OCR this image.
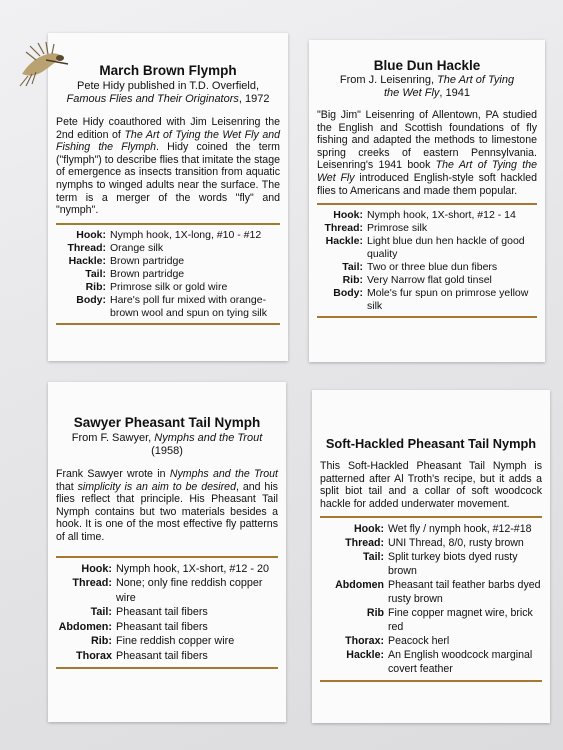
March Brown Flymph
Pete Hidy published in T.D. Overfield,
Famous Flies and Their Originators, 1972
Pete Hidy coauthored with Jim Leisenring the 2nd edition of The Art of Tying the Wet Fly and Fishing the Flymph. Hidy coined the term ("flymph") to describe flies that imitate the stage of emergence as insects transition from aquatic nymphs to winged adults near the surface. The term is a merger of the words "fly" and "nymph".
Hook: Nymph hook, 1X-long, #10 - #12
Thread: Orange silk
Hackle: Brown partridge
Tail: Brown partridge
Rib: Primrose silk or gold wire
Body: Hare's poll fur mixed with orange-brown wool and spun on tying silk
Blue Dun Hackle
From J. Leisenring, The Art of Tying
the Wet Fly, 1941
"Big Jim" Leisenring of Allentown, PA studied the English and Scottish foundations of fly fishing and adapted the methods to limestone spring creeks of eastern Pennsylvania. Leisenring's 1941 book The Art of Tying the Wet Fly introduced English-style soft hackled flies to Americans and made them popular.
Hook: Nymph hook, 1X-short, #12 - 14
Thread: Primrose silk
Hackle: Light blue dun hen hackle of good quality
Tail: Two or three blue dun fibers
Rib: Very Narrow flat gold tinsel
Body: Mole's fur spun on primrose yellow silk
Sawyer Pheasant Tail Nymph
From F. Sawyer, Nymphs and the Trout
(1958)
Frank Sawyer wrote in Nymphs and the Trout that simplicity is an aim to be desired, and his flies reflect that principle. His Pheasant Tail Nymph contains but two materials besides a hook. It is one of the most effective fly patterns of all time.
Hook: Nymph hook, 1X-short, #12 - 20
Thread: None; only fine reddish copper wire
Tail: Pheasant tail fibers
Abdomen: Pheasant tail fibers
Rib: Fine reddish copper wire
Thorax Pheasant tail fibers
Soft-Hackled Pheasant Tail Nymph
This Soft-Hackled Pheasant Tail Nymph is patterned after Al Troth's recipe, but it adds a split biot tail and a collar of soft woodcock hackle for added underwater movement.
Hook: Wet fly / nymph hook, #12-#18
Thread: UNI Thread, 8/0, rusty brown
Tail: Split turkey biots dyed rusty brown
Abdomen Pheasant tail feather barbs dyed rusty brown
Rib Fine copper magnet wire, brick red
Thorax: Peacock herl
Hackle: An English woodcock marginal covert feather
